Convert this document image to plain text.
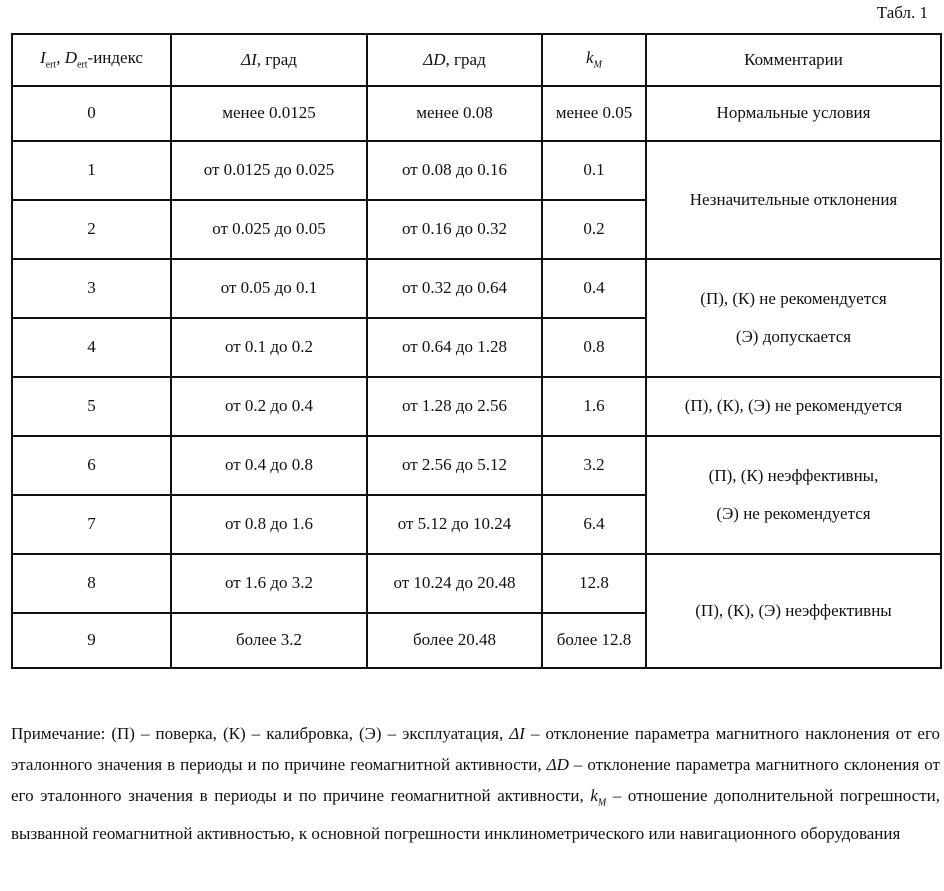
Табл. 1
$I_{ert}$, $D_{ert}$-индекс	ΔI, град	ΔD, град	$k_M$	Комментарии
0	менее 0.0125	менее 0.08	менее 0.05	Нормальные условия
1	от 0.0125 до 0.025	от 0.08 до 0.16	0.1	Незначительные отклонения
2	от 0.025 до 0.05	от 0.16 до 0.32	0.2	
3	от 0.05 до 0.1	от 0.32 до 0.64	0.4	(П), (К) не рекомендуется
(Э) допускается

4	от 0.1 до 0.2	от 0.64 до 1.28	0.8	
5	от 0.2 до 0.4	от 1.28 до 2.56	1.6	(П), (К), (Э) не рекомендуется
6	от 0.4 до 0.8	от 2.56 до 5.12	3.2	(П), (К) неэффективны,
(Э) не рекомендуется

7	от 0.8 до 1.6	от 5.12 до 10.24	6.4	
8	от 1.6 до 3.2	от 10.24 до 20.48	12.8	(П), (К), (Э) неэффективны
9	более 3.2	более 20.48	более 12.8	

Примечание: (П) – поверка, (К) – калибровка, (Э) – эксплуатация, ΔI – отклонение параметра магнитного наклонения от его эталонного значения в периоды и по причине геомагнитной активности, ΔD – отклонение параметра магнитного склонения от его эталонного значения в периоды и по причине геомагнитной активности, $k_M$ – отношение дополнительной погрешности, вызванной геомагнитной активностью, к основной погрешности инклинометрического или навигационного оборудования
